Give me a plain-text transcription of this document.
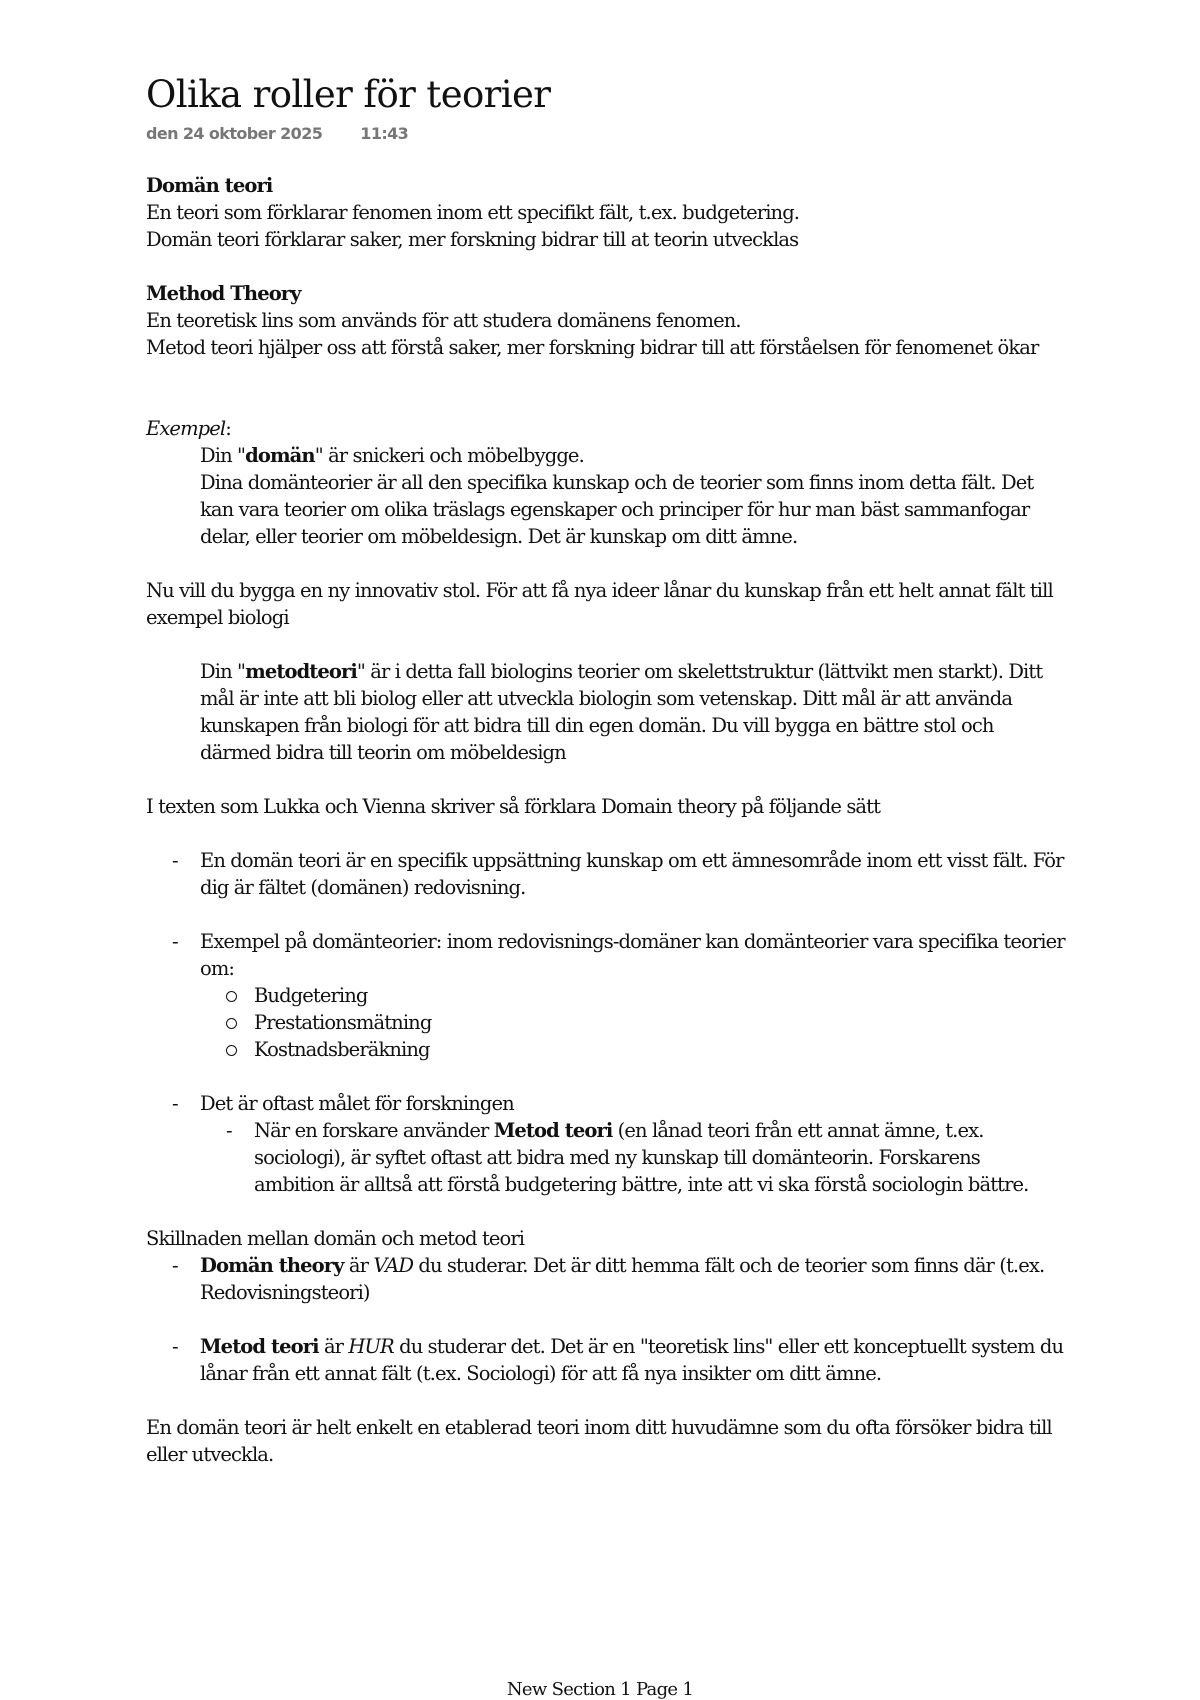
Olika roller för teorier
den 24 oktober 2025 11:43

Domän teori

En teori som förklarar fenomen inom ett specifikt fält, t.ex. budgetering.

Domän teori förklarar saker, mer forskning bidrar till at teorin utvecklas

Method Theory

En teoretisk lins som används för att studera domänens fenomen.

Metod teori hjälper oss att förstå saker, mer forskning bidrar till att förståelsen för fenomenet ökar

Exempel:

Din "domän" är snickeri och möbelbygge.

Dina domänteorier är all den specifika kunskap och de teorier som finns inom detta fält. Det kan vara teorier om olika träslags egenskaper och principer för hur man bäst sammanfogar delar, eller teorier om möbeldesign. Det är kunskap om ditt ämne.

Nu vill du bygga en ny innovativ stol. För att få nya ideer lånar du kunskap från ett helt annat fält till exempel biologi

Din "metodteori" är i detta fall biologins teorier om skelettstruktur (lättvikt men starkt). Ditt mål är inte att bli biolog eller att utveckla biologin som vetenskap. Ditt mål är att använda kunskapen från biologi för att bidra till din egen domän. Du vill bygga en bättre stol och därmed bidra till teorin om möbeldesign

I texten som Lukka och Vienna skriver så förklara Domain theory på följande sätt

- En domän teori är en specifik uppsättning kunskap om ett ämnesområde inom ett visst fält. För dig är fältet (domänen) redovisning.
- Exempel på domänteorier: inom redovisnings-domäner kan domänteorier vara specifika teorier om:
Budgetering
Prestationsmätning
Kostnadsberäkning
- Det är oftast målet för forskningen
- När en forskare använder Metod teori (en lånad teori från ett annat ämne, t.ex. sociologi), är syftet oftast att bidra med ny kunskap till domänteorin. Forskarens ambition är alltså att förstå budgetering bättre, inte att vi ska förstå sociologin bättre.

Skillnaden mellan domän och metod teori

- Domän theory är VAD du studerar. Det är ditt hemma fält och de teorier som finns där (t.ex. Redovisningsteori)
- Metod teori är HUR du studerar det. Det är en "teoretisk lins" eller ett konceptuellt system du lånar från ett annat fält (t.ex. Sociologi) för att få nya insikter om ditt ämne.

En domän teori är helt enkelt en etablerad teori inom ditt huvudämne som du ofta försöker bidra till eller utveckla.

New Section 1 Page 1
